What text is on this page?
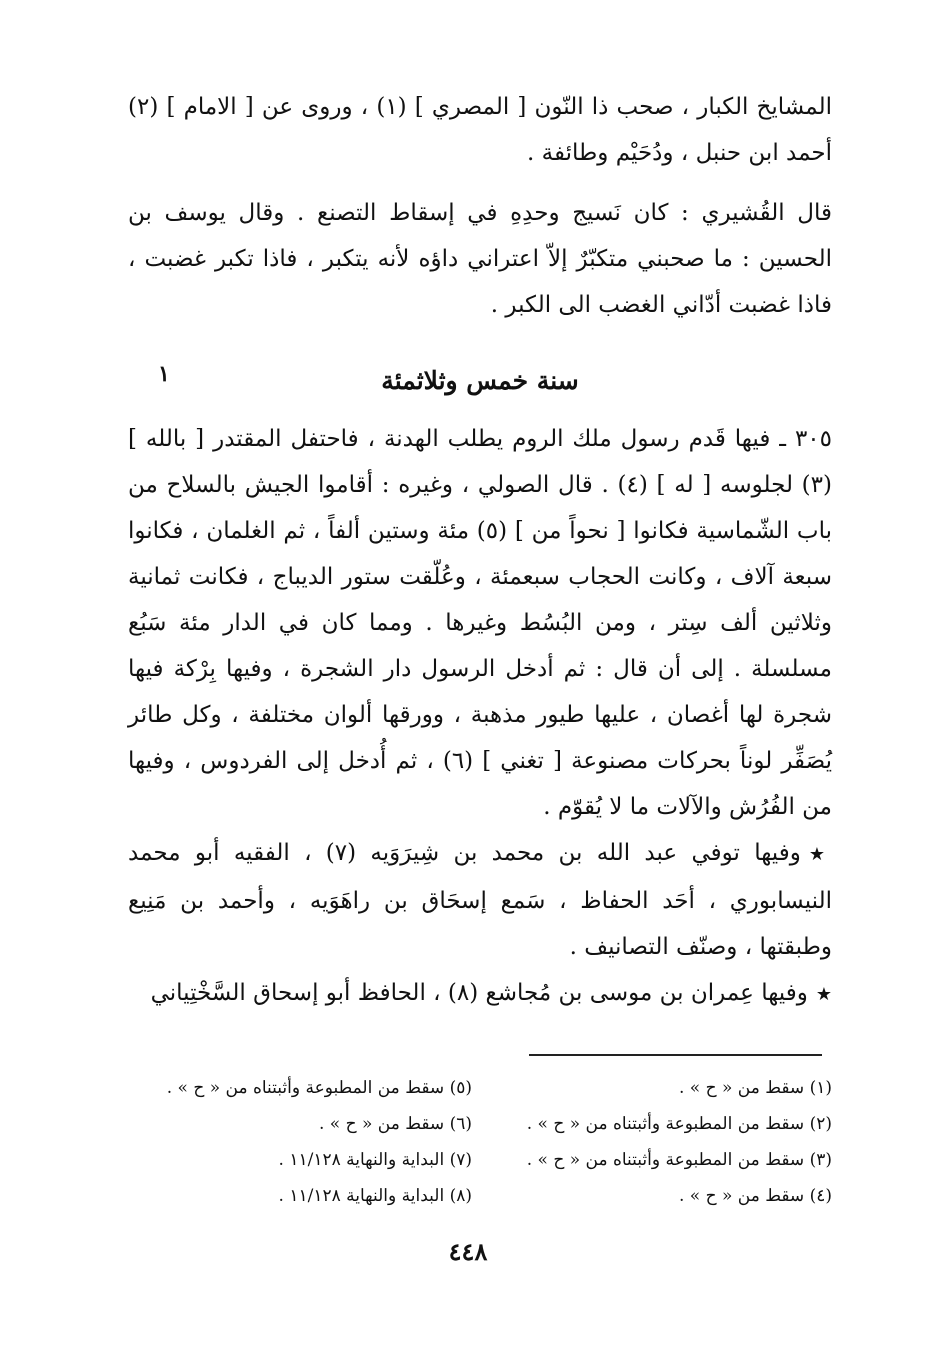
المشايخ الكبار ، صحب ذا النّون [ المصري ] (١) ، وروى عن [ الامام ] (٢) أحمد ابن حنبل ، ودُحَيْم وطائفة .

قال القُشيري : كان نَسيج وحدِهِ في إسقاط التصنع . وقال يوسف بن الحسين : ما صحبني متكبّرٌ إلاّ اعتراني داؤه لأنه يتكبر ، فاذا تكبر غضبت ، فاذا غضبت أدّاني الغضب الى الكبر .

سنة خمس وثلاثمئة
١

٣٠٥ ـ فيها قَدم رسول ملك الروم يطلب الهدنة ، فاحتفل المقتدر [ بالله ] (٣) لجلوسه [ له ] (٤) . قال الصولي ، وغيره : أقاموا الجيش بالسلاح من باب الشّماسية فكانوا [ نحواً من ] (٥) مئة وستين ألفاً ، ثم الغلمان ، فكانوا سبعة آلاف ، وكانت الحجاب سبعمئة ، وعُلّقت ستور الديباج ، فكانت ثمانية وثلاثين ألف سِتر ، ومن البُسُط وغيرها . ومما كان في الدار مئة سَبُع مسلسلة . إلى أن قال : ثم أدخل الرسول دار الشجرة ، وفيها بِرْكة فيها شجرة لها أغصان ، عليها طيور مذهبة ، وورقها ألوان مختلفة ، وكل طائر يُصَفِّر لوناً بحركات مصنوعة [ تغني ] (٦) ، ثم أُدخل إلى الفردوس ، وفيها من الفُرُش والآلات ما لا يُقوّم .

★وفيها توفي عبد الله بن محمد بن شِيرَوَيه (٧) ، الفقيه أبو محمد النيسابوري ، أحَد الحفاظ ، سَمع إسحَاق بن راهَوَيه ، وأحمد بن مَنِيع وطبقتها ، وصنّف التصانيف .

★وفيها عِمران بن موسى بن مُجاشع (٨) ، الحافظ أبو إسحاق السَّخْتِياني

(١) سقط من « ح » .

(٢) سقط من المطبوعة وأثبتناه من « ح » .

(٣) سقط من المطبوعة وأثبتناه من « ح » .

(٤) سقط من « ح » .

(٥) سقط من المطبوعة وأثبتناه من « ح » .

(٦) سقط من « ح » .

(٧) البداية والنهاية ١١/١٢٨ .

(٨) البداية والنهاية ١١/١٢٨ .

٤٤٨
